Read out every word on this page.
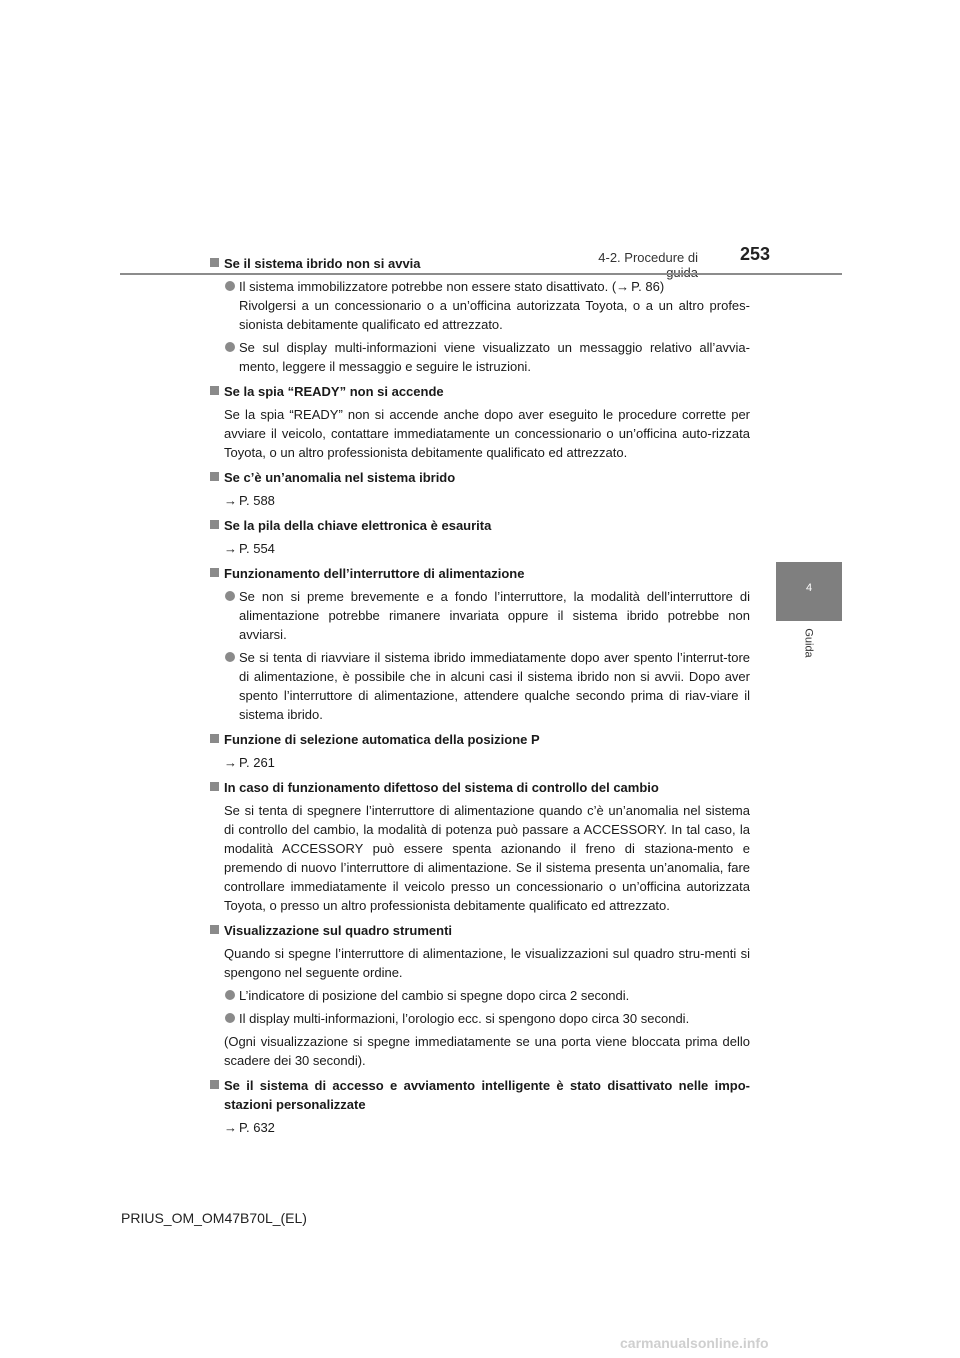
4-2. Procedure di 253
4
Guida
Se il sistema ibrido non si avvia
Il sistema immobilizzatore potrebbe non essere stato disattivato. (→ P. 86)
Rivolgersi a un concessionario o a un’officina autorizzata Toyota, o a un altro profes-sionista debitamente qualificato ed attrezzato.
Se sul display multi-informazioni viene visualizzato un messaggio relativo all’avvia-mento, leggere il messaggio e seguire le istruzioni.
Se la spia “READY” non si accende
Se la spia “READY” non si accende anche dopo aver eseguito le procedure corrette per avviare il veicolo, contattare immediatamente un concessionario o un’officina auto-rizzata Toyota, o un altro professionista debitamente qualificato ed attrezzato.
Se c’è un’anomalia nel sistema ibrido
→ P. 588
Se la pila della chiave elettronica è esaurita
→ P. 554
Funzionamento dell’interruttore di alimentazione
Se non si preme brevemente e a fondo l’interruttore, la modalità dell’interruttore di alimentazione potrebbe rimanere invariata oppure il sistema ibrido potrebbe non avviarsi.
Se si tenta di riavviare il sistema ibrido immediatamente dopo aver spento l’interrut-tore di alimentazione, è possibile che in alcuni casi il sistema ibrido non si avvii. Dopo aver spento l’interruttore di alimentazione, attendere qualche secondo prima di riav-viare il sistema ibrido.
Funzione di selezione automatica della posizione P
→ P. 261
In caso di funzionamento difettoso del sistema di controllo del cambio
Se si tenta di spegnere l’interruttore di alimentazione quando c’è un’anomalia nel sistema di controllo del cambio, la modalità di potenza può passare a ACCESSORY. In tal caso, la modalità ACCESSORY può essere spenta azionando il freno di staziona-mento e premendo di nuovo l’interruttore di alimentazione. Se il sistema presenta un’anomalia, fare controllare immediatamente il veicolo presso un concessionario o un’officina autorizzata Toyota, o presso un altro professionista debitamente qualificato ed attrezzato.
Visualizzazione sul quadro strumenti
Quando si spegne l’interruttore di alimentazione, le visualizzazioni sul quadro stru-menti si spengono nel seguente ordine.
L’indicatore di posizione del cambio si spegne dopo circa 2 secondi.
Il display multi-informazioni, l’orologio ecc. si spengono dopo circa 30 secondi.
(Ogni visualizzazione si spegne immediatamente se una porta viene bloccata prima dello scadere dei 30 secondi).
Se il sistema di accesso e avviamento intelligente è stato disattivato nelle impo-stazioni personalizzate
→ P. 632
PRIUS_OM_OM47B70L_(EL)
carmanualsonline.info
